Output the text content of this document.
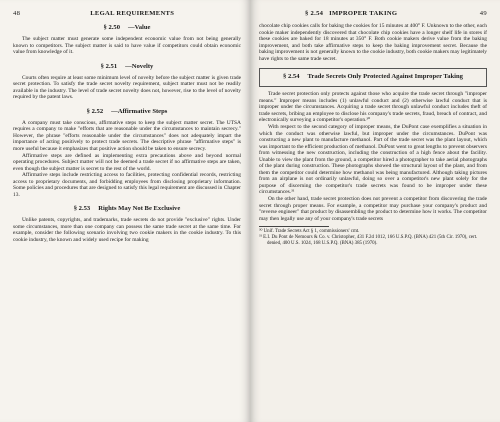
48	LEGAL REQUIREMENTS
§ 2.50 —Value

The subject matter must generate some independent economic value from not being generally known to competitors. The subject matter is said to have value if competitors could obtain economic value from knowledge of it.

§ 2.51 —Novelty

Courts often require at least some minimum level of novelty before the subject matter is given trade secret protection. To satisfy the trade secret novelty requirement, subject matter must not be readily available in the industry. The level of trade secret novelty does not, however, rise to the level of novelty required by the patent laws.

§ 2.52 —Affirmative Steps

A company must take conscious, affirmative steps to keep the subject matter secret. The UTSA requires a company to make "efforts that are reasonable under the circumstances to maintain secrecy." However, the phrase "efforts reasonable under the circumstances" does not adequately impart the importance of acting positively to protect trade secrets. The descriptive phrase "affirmative steps" is more useful because it emphasizes that positive action should be taken to ensure secrecy.

Affirmative steps are defined as implementing extra precautions above and beyond normal operating procedures. Subject matter will not be deemed a trade secret if no affirmative steps are taken, even though the subject matter is secret to the rest of the world.

Affirmative steps include restricting access to facilities, protecting confidential records, restricting access to proprietary documents, and forbidding employees from disclosing proprietary information. Some policies and procedures that are designed to satisfy this legal requirement are discussed in Chapter 13.

§ 2.53 Rights May Not Be Exclusive

Unlike patents, copyrights, and trademarks, trade secrets do not provide "exclusive" rights. Under some circumstances, more than one company can possess the same trade secret at the same time. For example, consider the following scenario involving two cookie makers in the cookie industry. To this cookie industry, the known and widely used recipe for making

§ 2.54 IMPROPER TAKING	49

chocolate chip cookies calls for baking the cookies for 15 minutes at 400° F. Unknown to the other, each cookie maker independently discovered that chocolate chip cookies have a longer shelf life in stores if these cookies are baked for 18 minutes at 350° F. Both cookie makers derive value from the baking improvement, and both take affirmative steps to keep the baking improvement secret. Because the baking improvement is not generally known to the cookie industry, both cookie makers may legitimately have rights to the same trade secret.

§ 2.54 Trade Secrets Only Protected Against Improper Taking

Trade secret protection only protects against those who acquire the trade secret through "improper means." Improper means includes (1) unlawful conduct and (2) otherwise lawful conduct that is improper under the circumstances. Acquiring a trade secret through unlawful conduct includes theft of trade secrets, bribing an employee to disclose his company's trade secrets, fraud, breach of contract, and electronically surveying a competitor's operation.³⁰

With respect to the second category of improper means, the DuPont case exemplifies a situation in which the conduct was otherwise lawful, but improper under the circumstances. DuPont was constructing a new plant to manufacture methanol. Part of the trade secret was the plant layout, which was important to the efficient production of methanol. DuPont went to great lengths to prevent observers from witnessing the new construction, including the construction of a high fence about the facility. Unable to view the plant from the ground, a competitor hired a photographer to take aerial photographs of the plant during construction. These photographs showed the structural layout of the plant, and from them the competitor could determine how methanol was being manufactured. Although taking pictures from an airplane is not ordinarily unlawful, doing so over a competitor's new plant solely for the purpose of discerning the competitor's trade secrets was found to be improper under these circumstances.³¹

On the other hand, trade secret protection does not prevent a competitor from discovering the trade secret through proper means. For example, a competitor may purchase your company's product and "reverse engineer" that product by disassembling the product to determine how it works. The competitor may then legally use any of your company's trade secrets

³⁰ Unif. Trade Secrets Act § 1, commissioners' cmt.

³¹ E.I. Du Pont de Nemours & Co. v. Christopher, 431 F.2d 1012, 166 U.S.P.Q. (BNA) 421 (5th Cir. 1970), cert. denied, 400 U.S. 1024, 168 U.S.P.Q. (BNA) 385 (1970).
